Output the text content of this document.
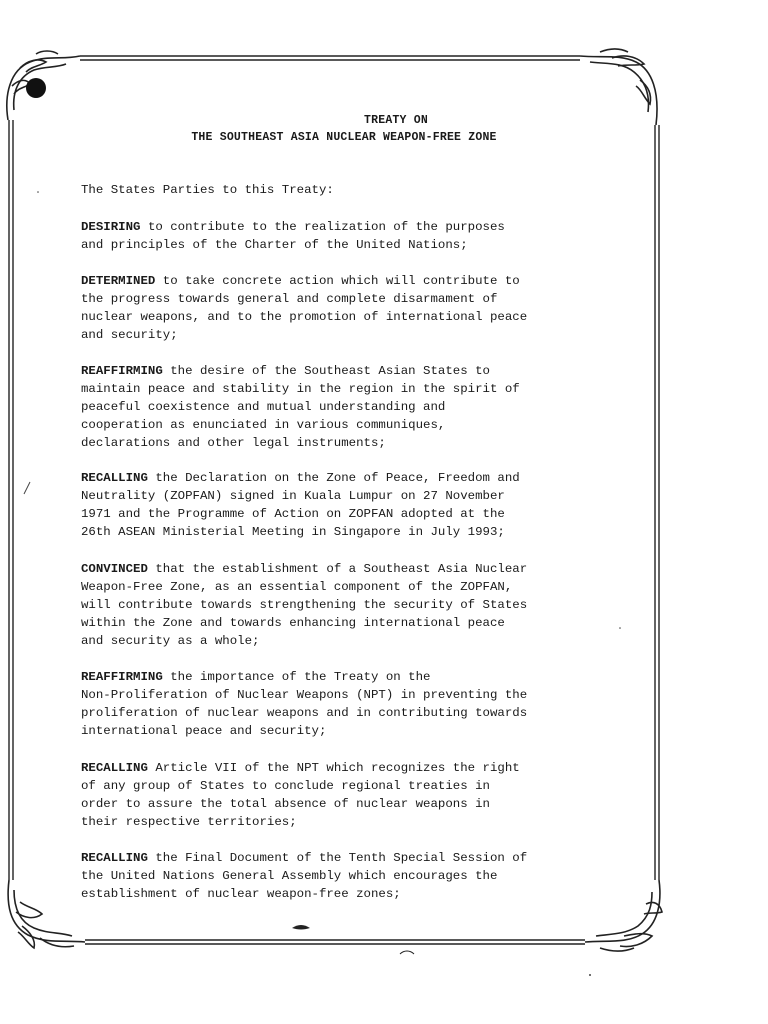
TREATY ON
THE SOUTHEAST ASIA NUCLEAR WEAPON-FREE ZONE
The States Parties to this Treaty:
DESIRING
to contribute to the realization of the purposes
and principles of the Charter of the United Nations;
DETERMINED
to take concrete action which will contribute to
the progress towards general and complete disarmament of
nuclear weapons, and to the promotion of international peace
and security;
REAFFIRMING
the desire of the Southeast Asian States to
maintain peace and stability in the region in the spirit of
peaceful coexistence and mutual understanding and
cooperation as enunciated in various communiques,
declarations and other legal instruments;
RECALLING
the Declaration on the Zone of Peace, Freedom and
Neutrality (ZOPFAN) signed in Kuala Lumpur on 27 November
1971 and the Programme of Action on ZOPFAN adopted at the
26th ASEAN Ministerial Meeting in Singapore in July 1993;
CONVINCED
that the establishment of a Southeast Asia Nuclear
Weapon-Free Zone, as an essential component of the ZOPFAN,
will contribute towards strengthening the security of States
within the Zone and towards enhancing international peace
and security as a whole;
REAFFIRMING
the importance of the Treaty on the
Non-Proliferation of Nuclear Weapons (NPT) in preventing the
proliferation of nuclear weapons and in contributing towards
international peace and security;
RECALLING
Article VII of the NPT which recognizes the right
of any group of States to conclude regional treaties in
order to assure the total absence of nuclear weapons in
their respective territories;
RECALLING
the Final Document of the Tenth Special Session of
the United Nations General Assembly which encourages the
establishment of nuclear weapon-free zones;
